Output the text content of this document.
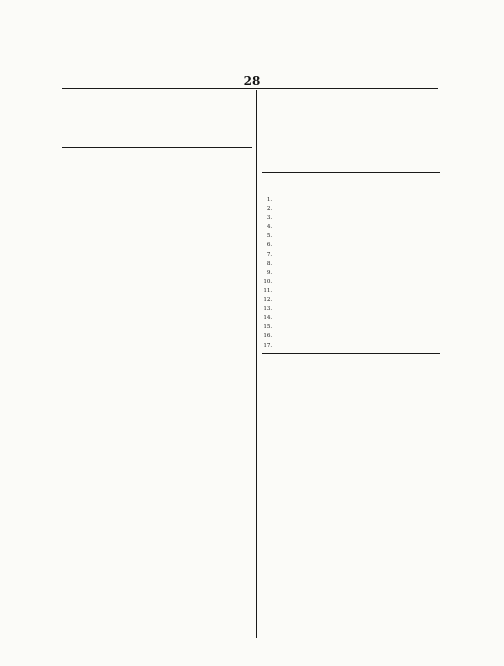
28

1.
2.
3.
4.
5.
6.
7.
8.
9.
10.
11.
12.
13.
14.
15.
16.
17.
